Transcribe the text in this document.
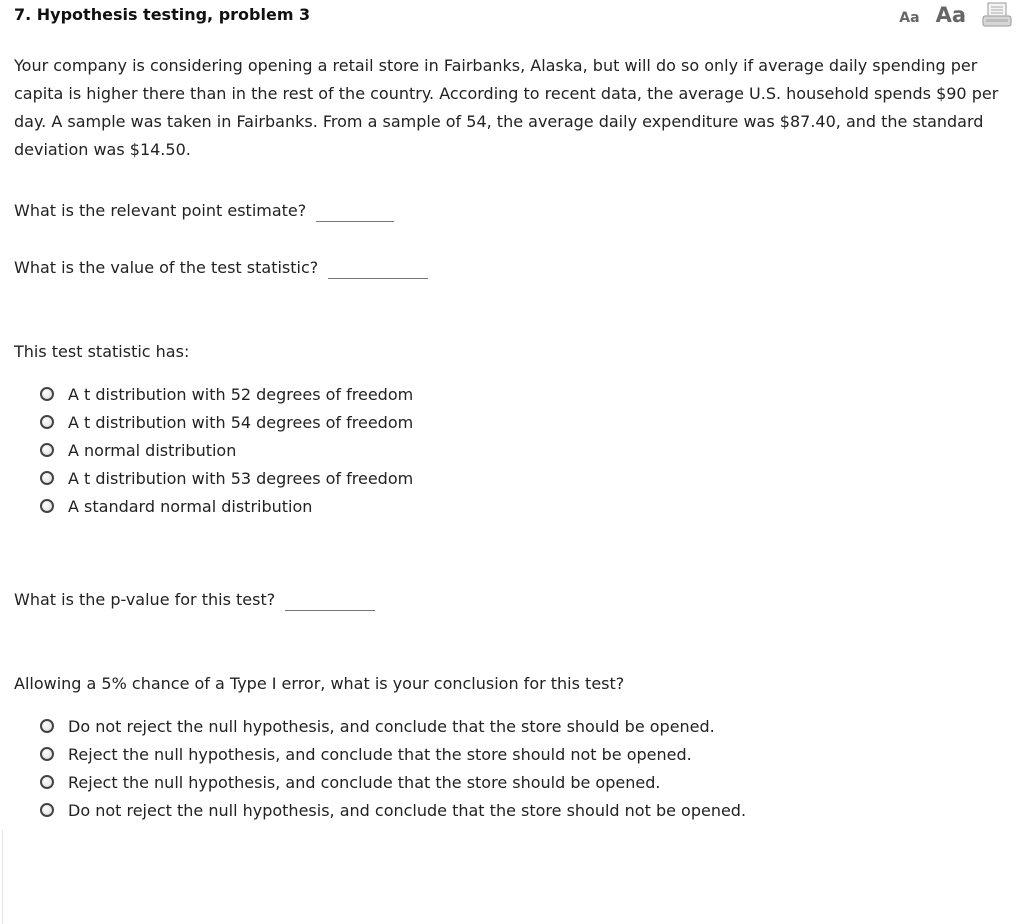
7. Hypothesis testing, problem 3	Aa Aa

Your company is considering opening a retail store in Fairbanks, Alaska, but will do so only if average daily spending per capita is higher there than in the rest of the country. According to recent data, the average U.S. household spends $90 per day. A sample was taken in Fairbanks. From a sample of 54, the average daily expenditure was $87.40, and the standard deviation was $14.50.

What is the relevant point estimate?
What is the value of the test statistic?
This test statistic has:
A t distribution with 52 degrees of freedom
A t distribution with 54 degrees of freedom
A normal distribution
A t distribution with 53 degrees of freedom
A standard normal distribution
What is the p-value for this test?
Allowing a 5% chance of a Type I error, what is your conclusion for this test?
Do not reject the null hypothesis, and conclude that the store should be opened.
Reject the null hypothesis, and conclude that the store should not be opened.
Reject the null hypothesis, and conclude that the store should be opened.
Do not reject the null hypothesis, and conclude that the store should not be opened.
